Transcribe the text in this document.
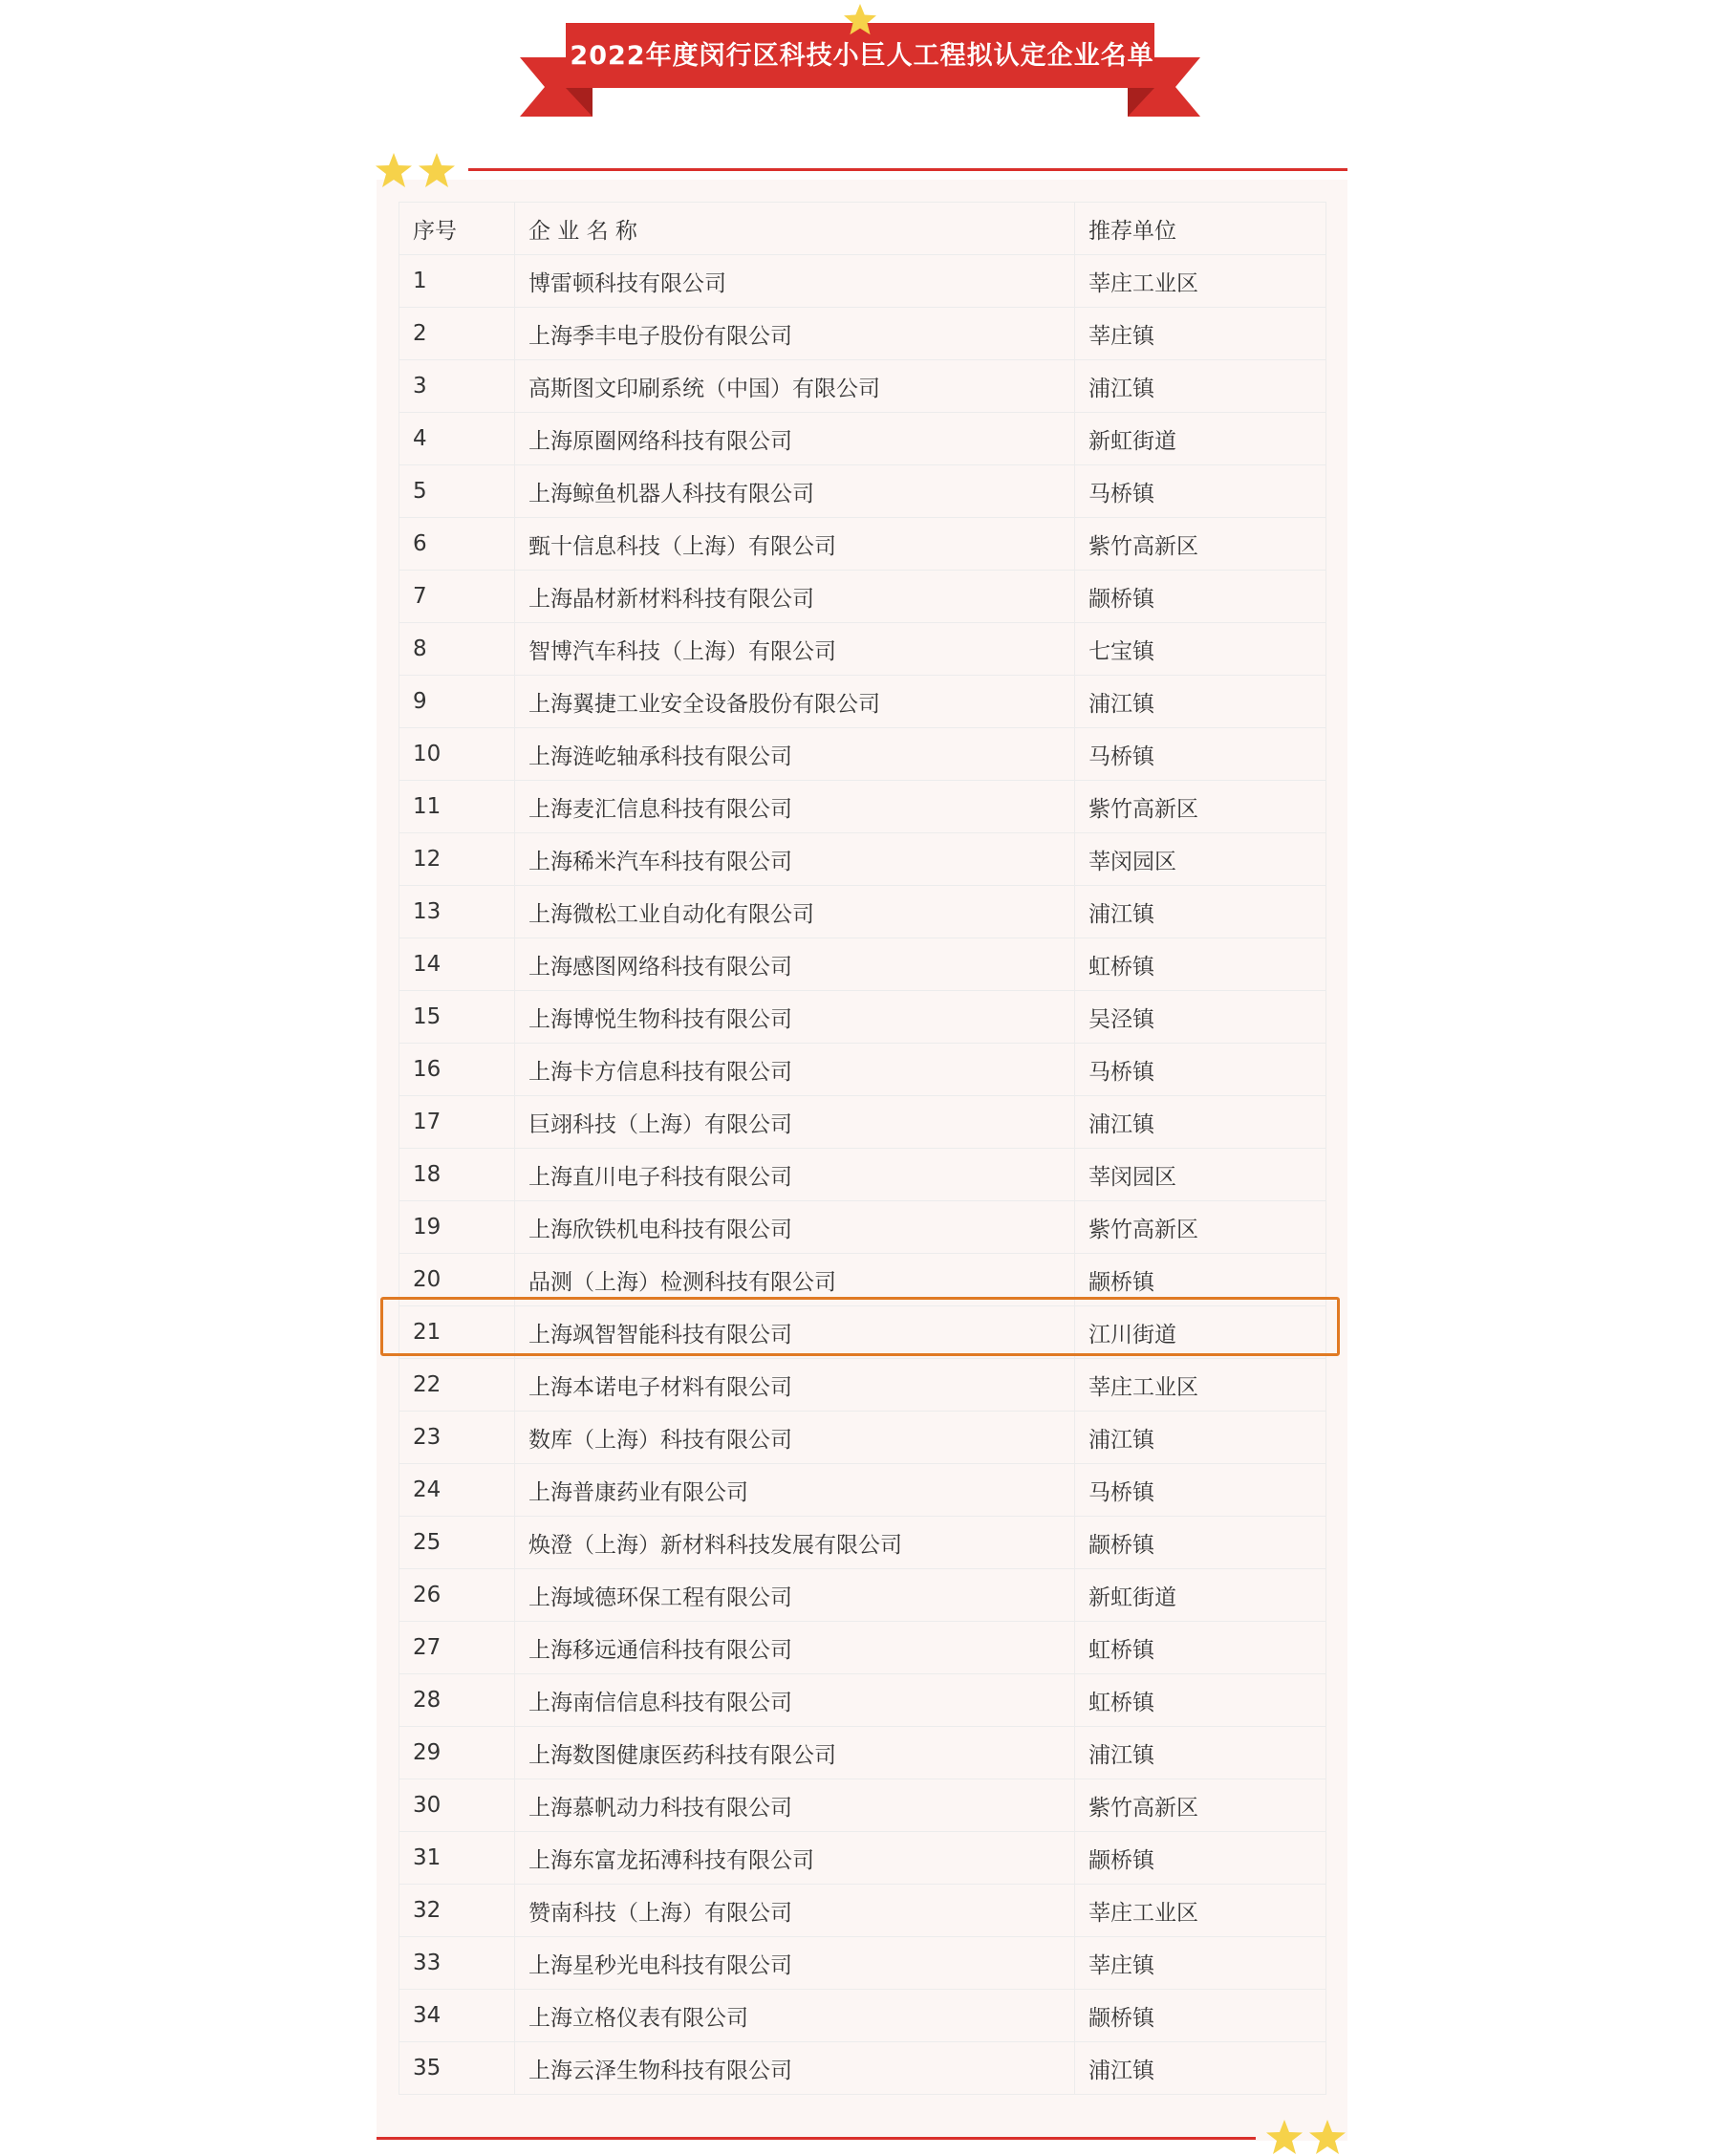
2022年度闵行区科技小巨人工程拟认定企业名单
序号	企 业 名 称	推荐单位
1	博雷顿科技有限公司	莘庄工业区
2	上海季丰电子股份有限公司	莘庄镇
3	高斯图文印刷系统（中国）有限公司	浦江镇
4	上海原圈网络科技有限公司	新虹街道
5	上海鲸鱼机器人科技有限公司	马桥镇
6	甄十信息科技（上海）有限公司	紫竹高新区
7	上海晶材新材料科技有限公司	颛桥镇
8	智博汽车科技（上海）有限公司	七宝镇
9	上海翼捷工业安全设备股份有限公司	浦江镇
10	上海涟屹轴承科技有限公司	马桥镇
11	上海麦汇信息科技有限公司	紫竹高新区
12	上海稀米汽车科技有限公司	莘闵园区
13	上海微松工业自动化有限公司	浦江镇
14	上海感图网络科技有限公司	虹桥镇
15	上海博悦生物科技有限公司	吴泾镇
16	上海卡方信息科技有限公司	马桥镇
17	巨翊科技（上海）有限公司	浦江镇
18	上海直川电子科技有限公司	莘闵园区
19	上海欣铁机电科技有限公司	紫竹高新区
20	品测（上海）检测科技有限公司	颛桥镇
21	上海飒智智能科技有限公司	江川街道
22	上海本诺电子材料有限公司	莘庄工业区
23	数库（上海）科技有限公司	浦江镇
24	上海普康药业有限公司	马桥镇
25	焕澄（上海）新材料科技发展有限公司	颛桥镇
26	上海域德环保工程有限公司	新虹街道
27	上海移远通信科技有限公司	虹桥镇
28	上海南信信息科技有限公司	虹桥镇
29	上海数图健康医药科技有限公司	浦江镇
30	上海慕帆动力科技有限公司	紫竹高新区
31	上海东富龙拓溥科技有限公司	颛桥镇
32	赞南科技（上海）有限公司	莘庄工业区
33	上海星秒光电科技有限公司	莘庄镇
34	上海立格仪表有限公司	颛桥镇
35	上海云泽生物科技有限公司	浦江镇
